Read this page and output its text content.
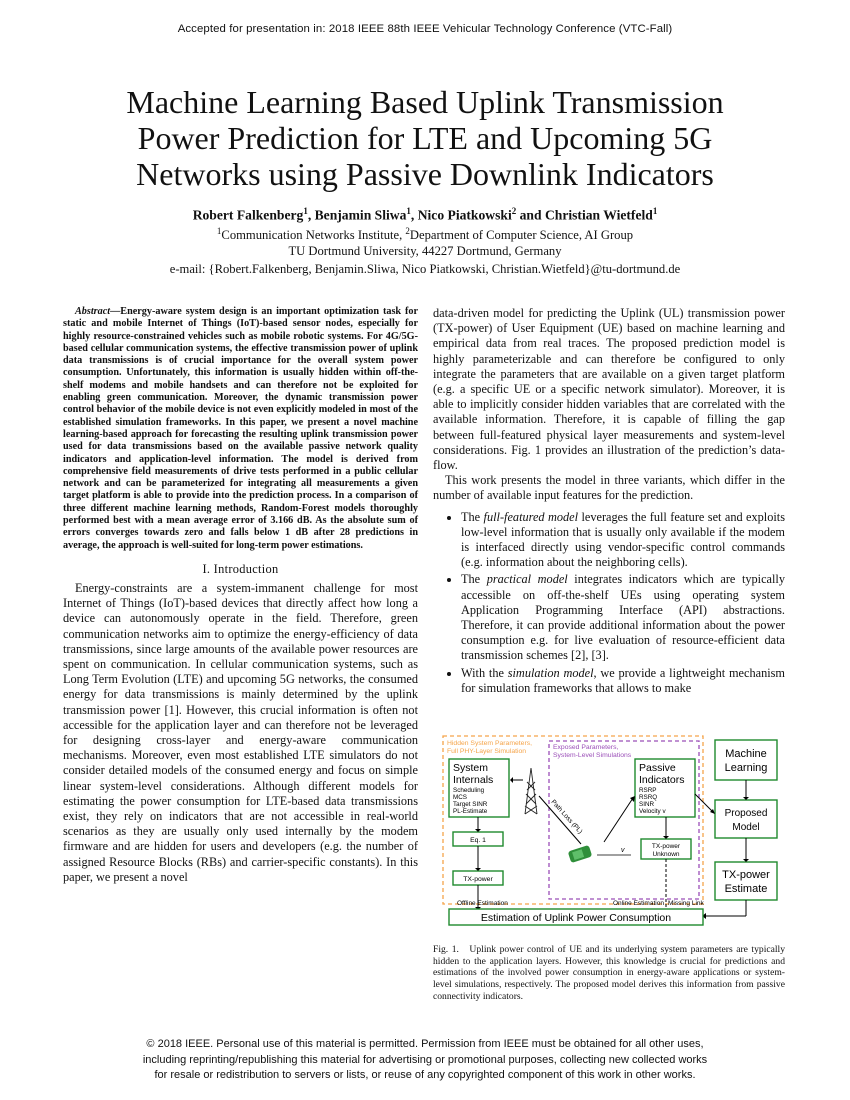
Accepted for presentation in: 2018 IEEE 88th IEEE Vehicular Technology Conference (VTC-Fall)
Machine Learning Based Uplink Transmission
Power Prediction for LTE and Upcoming 5G
Networks using Passive Downlink Indicators
Robert Falkenberg$^1$, Benjamin Sliwa$^1$, Nico Piatkowski$^2$ and Christian Wietfeld$^1$
$^1$Communication Networks Institute, $^2$Department of Computer Science, AI Group
TU Dortmund University, 44227 Dortmund, Germany
e-mail: {Robert.Falkenberg, Benjamin.Sliwa, Nico Piatkowski, Christian.Wietfeld}@tu-dortmund.de

Abstract—Energy-aware system design is an important optimization task for static and mobile Internet of Things (IoT)-based sensor nodes, especially for highly resource-constrained vehicles such as mobile robotic systems. For 4G/5G-based cellular communication systems, the effective transmission power of uplink data transmissions is of crucial importance for the overall system power consumption. Unfortunately, this information is usually hidden within off-the-shelf modems and mobile handsets and can therefore not be exploited for enabling green communication. Moreover, the dynamic transmission power control behavior of the mobile device is not even explicitly modeled in most of the established simulation frameworks. In this paper, we present a novel machine learning-based approach for forecasting the resulting uplink transmission power used for data transmissions based on the available passive network quality indicators and application-level information. The model is derived from comprehensive field measurements of drive tests performed in a public cellular network and can be parameterized for integrating all measurements a given target platform is able to provide into the prediction process. In a comparison of three different machine learning methods, Random-Forest models thoroughly performed best with a mean average error of 3.166 dB. As the absolute sum of errors converges towards zero and falls below 1 dB after 28 predictions in average, the approach is well-suited for long-term power estimations.

I. Introduction

Energy-constraints are a system-immanent challenge for most Internet of Things (IoT)-based devices that directly affect how long a device can autonomously operate in the field. Therefore, green communication networks aim to optimize the energy-efficiency of data transmissions, since large amounts of the available power resources are spent on communication. In cellular communication systems, such as Long Term Evolution (LTE) and upcoming 5G networks, the consumed energy for data transmissions is mainly determined by the uplink transmission power [1]. However, this crucial information is often not accessible for the application layer and can therefore not be leveraged for designing cross-layer and energy-aware communication mechanisms. Moreover, even most established LTE simulators do not consider detailed models of the consumed energy and focus on simple linear system-level considerations. Although different models for estimating the power consumption for LTE-based data transmissions exist, they rely on indicators that are not accessible in real-world scenarios as they are usually only used internally by the modem firmware and are hidden for users and developers (e.g. the number of assigned Resource Blocks (RBs) and carrier-specific constants). In this paper, we present a novel

data-driven model for predicting the Uplink (UL) transmission power (TX-power) of User Equipment (UE) based on machine learning and empirical data from real traces. The proposed prediction model is highly parameterizable and can therefore be configured to only integrate the parameters that are available on a given target platform (e.g. a specific UE or a specific network simulator). Moreover, it is able to implicitly consider hidden variables that are correlated with the available information. Therefore, it is capable of filling the gap between full-featured physical layer measurements and system-level considerations. Fig. 1 provides an illustration of the prediction’s data-flow.

This work presents the model in three variants, which differ in the number of available input features for the prediction.

• The full-featured model leverages the full feature set and exploits low-level information that is usually only available if the modem is interfaced directly using vendor-specific control commands (e.g. information about the neighboring cells).
• The practical model integrates indicators which are typically accessible on off-the-shelf UEs using operating system Application Programming Interface (API) abstractions. Therefore, it can provide additional information about the power consumption e.g. for live evaluation of resource-efficient data transmission schemes [2], [3].
• With the simulation model, we provide a lightweight mechanism for simulation frameworks that allows to make
Hidden System Parameters,
Full PHY-Layer Simulation
Exposed Parameters,
System-Level Simulations
System
Internals
Scheduling
MCS
Target SINR
PL-Estimate
Eq. 1
TX-power
Path Loss (PL)
v
Passive
Indicators
RSRP
RSRQ
SINR
Velocity v
TX-power
Unknown
Machine
Learning
Proposed
Model
TX-power
Estimate
Offline Estimation	Online Estimation Missing Link
Estimation of Uplink Power Consumption
Fig. 1. Uplink power control of UE and its underlying system parameters are typically hidden to the application layers. However, this knowledge is crucial for predictions and estimations of the involved power consumption in energy-aware applications or system-level simulations, respectively. The proposed model derives this information from passive connectivity indicators.
© 2018 IEEE. Personal use of this material is permitted. Permission from IEEE must be obtained for all other uses,
including reprinting/republishing this material for advertising or promotional purposes, collecting new collected works
for resale or redistribution to servers or lists, or reuse of any copyrighted component of this work in other works.
